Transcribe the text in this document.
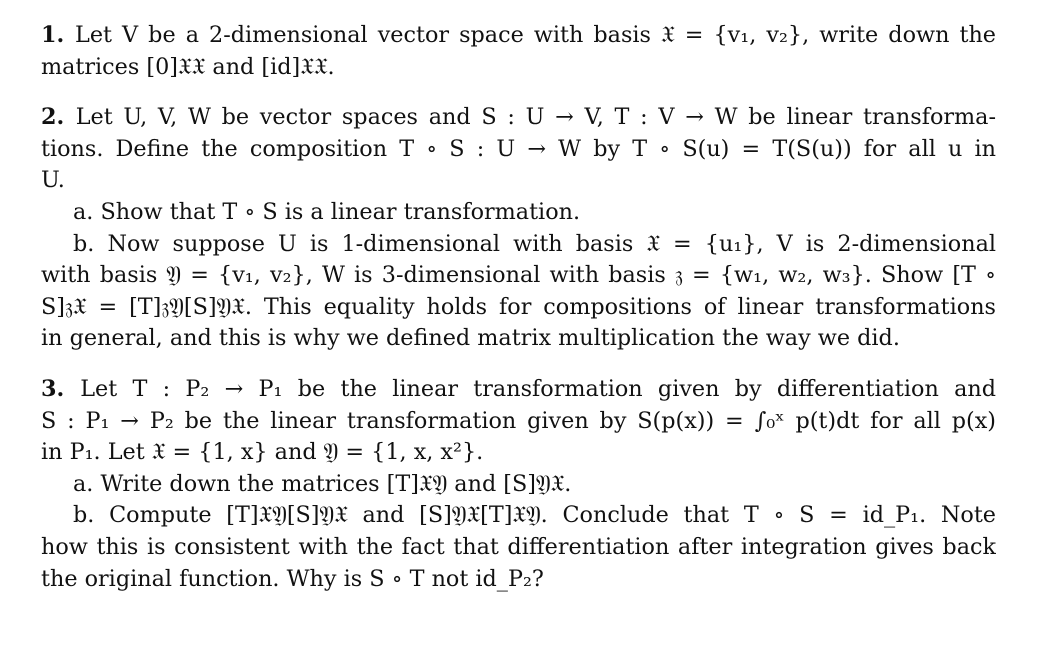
1. Let V be a 2-dimensional vector space with basis 𝔛 = {v₁, v₂}, write down the
matrices [0]𝔛𝔛 and [id]𝔛𝔛.
2. Let U, V, W be vector spaces and S : U → V, T : V → W be linear transforma-
tions. Define the composition T ∘ S : U → W by T ∘ S(u) = T(S(u)) for all u in
U.
a. Show that T ∘ S is a linear transformation.
b. Now suppose U is 1-dimensional with basis 𝔛 = {u₁}, V is 2-dimensional
with basis 𝔜 = {v₁, v₂}, W is 3-dimensional with basis 𝔷 = {w₁, w₂, w₃}. Show [T ∘
S]𝔷𝔛 = [T]𝔷𝔜[S]𝔜𝔛. This equality holds for compositions of linear transformations
in general, and this is why we defined matrix multiplication the way we did.
3. Let T : P₂ → P₁ be the linear transformation given by differentiation and
S : P₁ → P₂ be the linear transformation given by S(p(x)) = ∫₀ˣ p(t)dt for all p(x)
in P₁. Let 𝔛 = {1, x} and 𝔜 = {1, x, x²}.
a. Write down the matrices [T]𝔛𝔜 and [S]𝔜𝔛.
b. Compute [T]𝔛𝔜[S]𝔜𝔛 and [S]𝔜𝔛[T]𝔛𝔜. Conclude that T ∘ S = id_P₁. Note
how this is consistent with the fact that differentiation after integration gives back
the original function. Why is S ∘ T not id_P₂?
